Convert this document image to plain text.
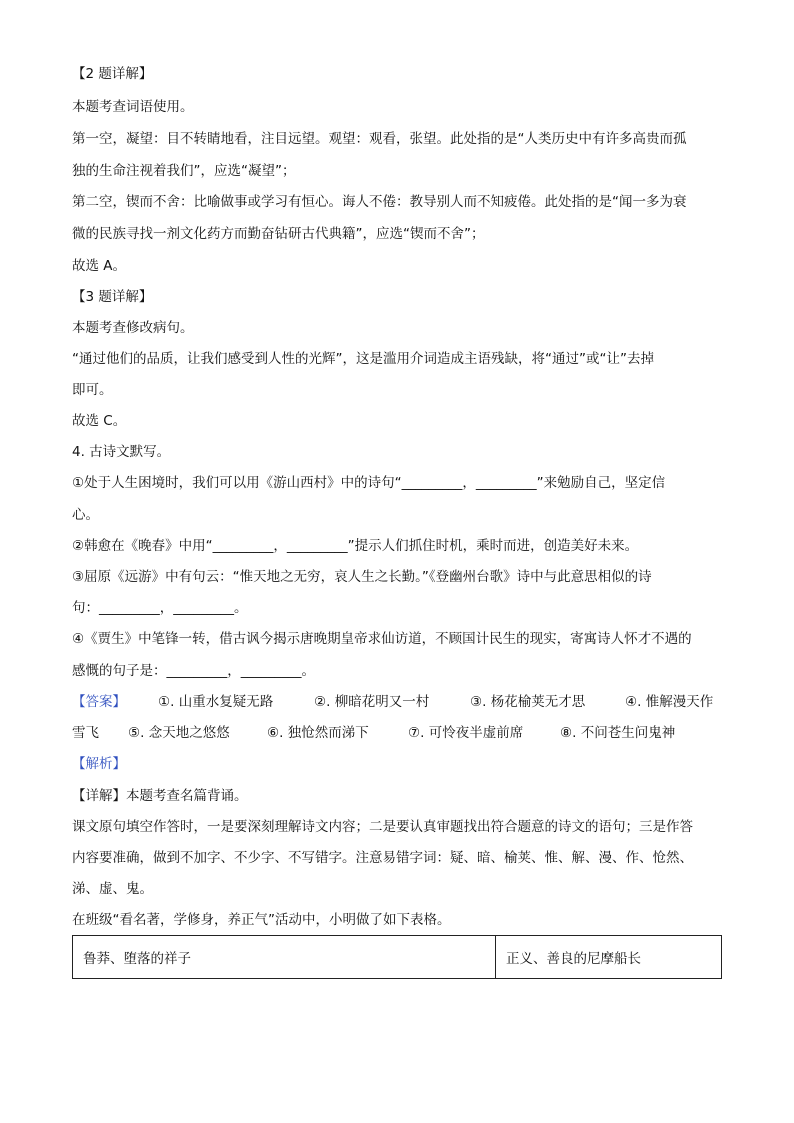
【2 题详解】
本题考查词语使用。
第一空，凝望：目不转睛地看，注目远望。观望：观看，张望。此处指的是“人类历史中有许多高贵而孤
独的生命注视着我们”，应选“凝望”；
第二空，锲而不舍：比喻做事或学习有恒心。诲人不倦：教导别人而不知疲倦。此处指的是“闻一多为衰
微的民族寻找一剂文化药方而勤奋钻研古代典籍”，应选“锲而不舍”；
故选 A。
【3 题详解】
本题考查修改病句。
“通过他们的品质，让我们感受到人性的光辉”，这是滥用介词造成主语残缺，将“通过”或“让”去掉
即可。
故选 C。
4. 古诗文默写。
①处于人生困境时，我们可以用《游山西村》中的诗句“_________，_________”来勉励自己，坚定信
心。
②韩愈在《晚春》中用“_________，_________”提示人们抓住时机，乘时而进，创造美好未来。
③屈原《远游》中有句云：“惟天地之无穷，哀人生之长勤。”《登幽州台歌》诗中与此意思相似的诗
句：_________，_________。
④《贾生》中笔锋一转，借古讽今揭示唐晚期皇帝求仙访道，不顾国计民生的现实，寄寓诗人怀才不遇的
感慨的句子是：_________，_________。
【答案】 ①. 山重水复疑无路	②. 柳暗花明又一村	③. 杨花榆荚无才思	④. 惟解漫天作
雪飞 ⑤. 念天地之悠悠	⑥. 独怆然而涕下	⑦. 可怜夜半虚前席	⑧. 不问苍生问鬼神
【解析】
【详解】本题考查名篇背诵。
课文原句填空作答时，一是要深刻理解诗文内容；二是要认真审题找出符合题意的诗文的语句；三是作答
内容要准确，做到不加字、不少字、不写错字。注意易错字词：疑、暗、榆荚、惟、解、漫、作、怆然、
涕、虚、鬼。
在班级“看名著，学修身，养正气”活动中，小明做了如下表格。
鲁莽、堕落的祥子	正义、善良的尼摩船长
